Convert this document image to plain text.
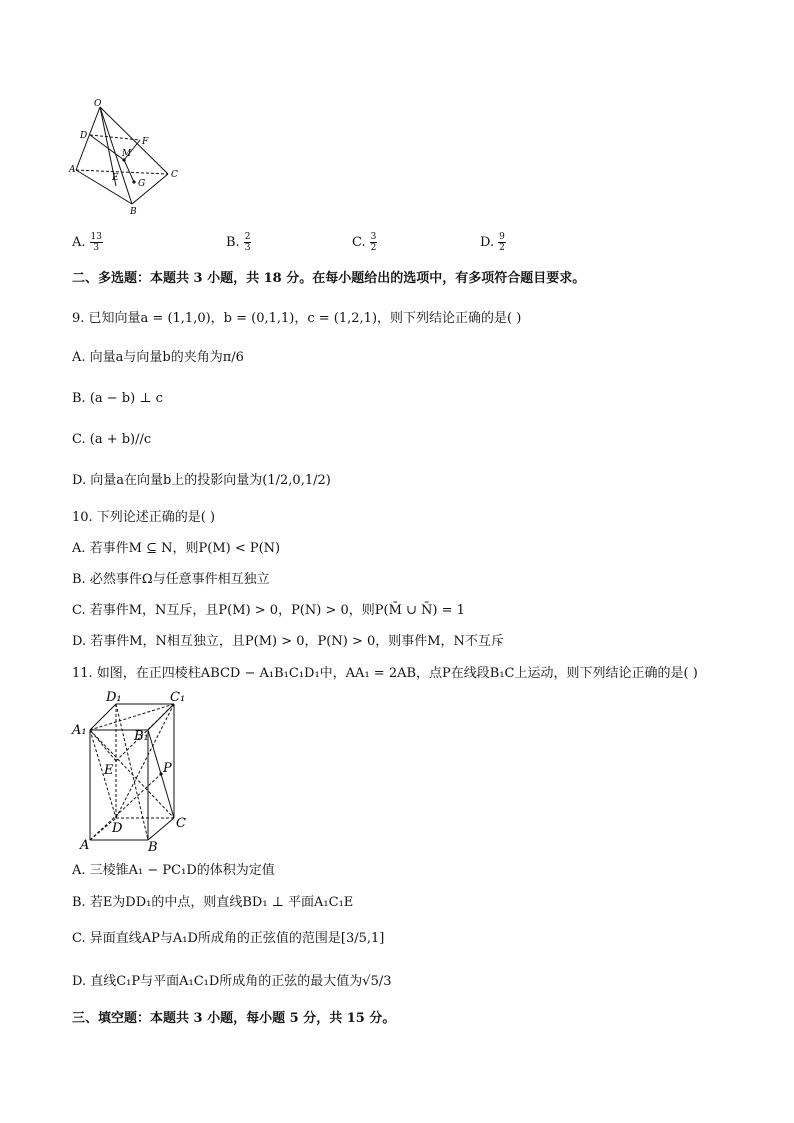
O
D
F
M
A
E
G
C
B
A. $\frac{13}{3}$	B. $\frac{2}{3}$	C. $\frac{3}{2}$	D. $\frac{9}{2}$
二、多选题：本题共 3 小题，共 18 分。在每小题给出的选项中，有多项符合题目要求。
9. 已知向量a = (1,1,0)，b = (0,1,1)，c = (1,2,1)，则下列结论正确的是( )
A. 向量a与向量b的夹角为π/6
B. (a − b) ⊥ c
C. (a + b)//c
D. 向量a在向量b上的投影向量为(1/2,0,1/2)
10. 下列论述正确的是( )
A. 若事件M ⊆ N，则P(M) < P(N)
B. 必然事件Ω与任意事件相互独立
C. 若事件M，N互斥，且P(M) > 0，P(N) > 0，则P(M̄ ∪ N̄) = 1
D. 若事件M，N相互独立，且P(M) > 0，P(N) > 0，则事件M，N不互斥
11. 如图，在正四棱柱ABCD − A₁B₁C₁D₁中，AA₁ = 2AB，点P在线段B₁C上运动，则下列结论正确的是( )
D₁	C₁
A₁	B₁
E	P
D	C
A	B
A. 三棱锥A₁ − PC₁D的体积为定值
B. 若E为DD₁的中点，则直线BD₁ ⊥ 平面A₁C₁E
C. 异面直线AP与A₁D所成角的正弦值的范围是[3/5,1]
D. 直线C₁P与平面A₁C₁D所成角的正弦的最大值为√5/3
三、填空题：本题共 3 小题，每小题 5 分，共 15 分。
